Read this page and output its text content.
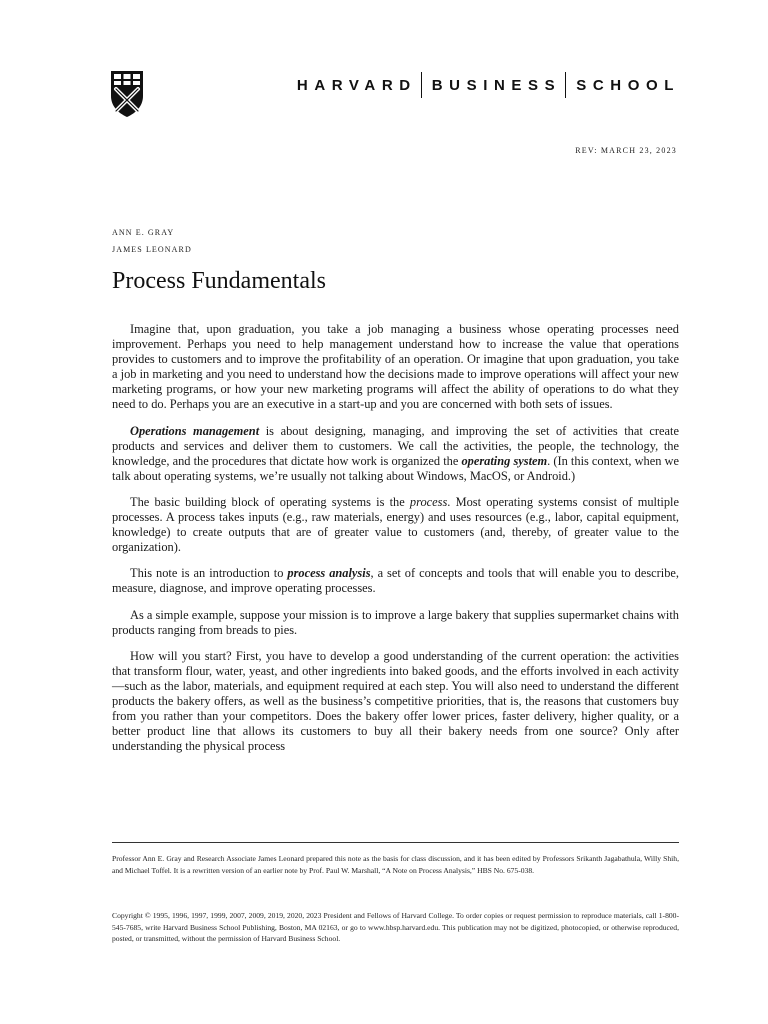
HARVARD BUSINESS SCHOOL
REV: MARCH 23, 2023
ANN E. GRAY
JAMES LEONARD
Process Fundamentals

Imagine that, upon graduation, you take a job managing a business whose operating processes need improvement. Perhaps you need to help management understand how to increase the value that operations provides to customers and to improve the profitability of an operation. Or imagine that upon graduation, you take a job in marketing and you need to understand how the decisions made to improve operations will affect your new marketing programs, or how your new marketing programs will affect the ability of operations to do what they need to do. Perhaps you are an executive in a start-up and you are concerned with both sets of issues.

Operations management is about designing, managing, and improving the set of activities that create products and services and deliver them to customers. We call the activities, the people, the technology, the knowledge, and the procedures that dictate how work is organized the operating system. (In this context, when we talk about operating systems, we’re usually not talking about Windows, MacOS, or Android.)

The basic building block of operating systems is the process. Most operating systems consist of multiple processes. A process takes inputs (e.g., raw materials, energy) and uses resources (e.g., labor, capital equipment, knowledge) to create outputs that are of greater value to customers (and, thereby, of greater value to the organization).

This note is an introduction to process analysis, a set of concepts and tools that will enable you to describe, measure, diagnose, and improve operating processes.

As a simple example, suppose your mission is to improve a large bakery that supplies supermarket chains with products ranging from breads to pies.

How will you start? First, you have to develop a good understanding of the current operation: the activities that transform flour, water, yeast, and other ingredients into baked goods, and the efforts involved in each activity—such as the labor, materials, and equipment required at each step. You will also need to understand the different products the bakery offers, as well as the business’s competitive priorities, that is, the reasons that customers buy from you rather than your competitors. Does the bakery offer lower prices, faster delivery, higher quality, or a better product line that allows its customers to buy all their bakery needs from one source? Only after understanding the physical process

Professor Ann E. Gray and Research Associate James Leonard prepared this note as the basis for class discussion, and it has been edited by Professors Srikanth Jagabathula, Willy Shih, and Michael Toffel. It is a rewritten version of an earlier note by Prof. Paul W. Marshall, “A Note on Process Analysis,” HBS No. 675-038.
Copyright © 1995, 1996, 1997, 1999, 2007, 2009, 2019, 2020, 2023 President and Fellows of Harvard College. To order copies or request permission to reproduce materials, call 1-800-545-7685, write Harvard Business School Publishing, Boston, MA 02163, or go to www.hbsp.harvard.edu. This publication may not be digitized, photocopied, or otherwise reproduced, posted, or transmitted, without the permission of Harvard Business School.
